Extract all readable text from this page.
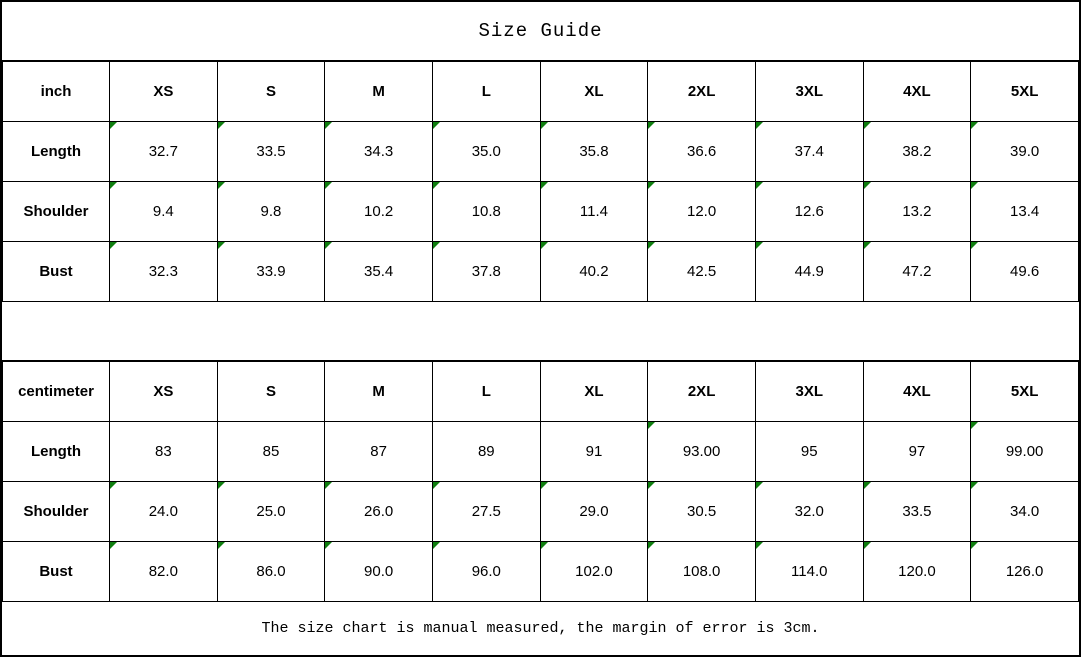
Size Guide
inch	XS	S	M	L	XL	2XL	3XL	4XL	5XL
Length	32.7	33.5	34.3	35.0	35.8	36.6	37.4	38.2	39.0
Shoulder	9.4	9.8	10.2	10.8	11.4	12.0	12.6	13.2	13.4
Bust	32.3	33.9	35.4	37.8	40.2	42.5	44.9	47.2	49.6
centimeter	XS	S	M	L	XL	2XL	3XL	4XL	5XL
Length	83	85	87	89	91	93.00	95	97	99.00
Shoulder	24.0	25.0	26.0	27.5	29.0	30.5	32.0	33.5	34.0
Bust	82.0	86.0	90.0	96.0	102.0	108.0	114.0	120.0	126.0
The size chart is manual measured, the margin of error is 3cm.
